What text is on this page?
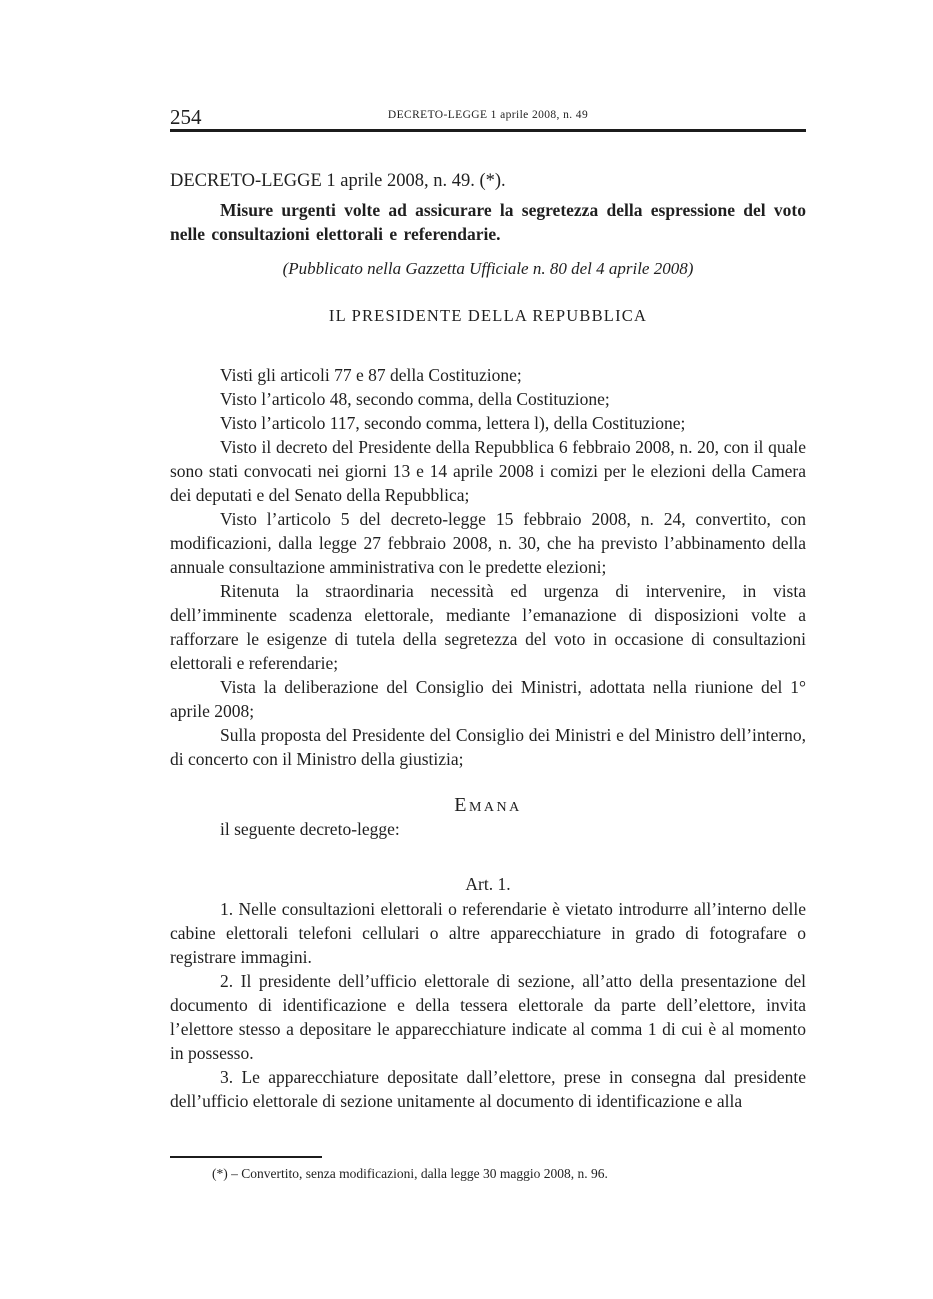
254	DECRETO-LEGGE 1 aprile 2008, n. 49
DECRETO-LEGGE 1 aprile 2008, n. 49. (*).

Misure urgenti volte ad assicurare la segretezza della espressione del voto nelle consultazioni elettorali e referendarie.

(Pubblicato nella Gazzetta Ufficiale n. 80 del 4 aprile 2008)
IL PRESIDENTE DELLA REPUBBLICA

Visti gli articoli 77 e 87 della Costituzione;

Visto l’articolo 48, secondo comma, della Costituzione;

Visto l’articolo 117, secondo comma, lettera l), della Costituzione;

Visto il decreto del Presidente della Repubblica 6 febbraio 2008, n. 20, con il quale sono stati convocati nei giorni 13 e 14 aprile 2008 i comizi per le elezioni della Camera dei deputati e del Senato della Repubblica;

Visto l’articolo 5 del decreto-legge 15 febbraio 2008, n. 24, convertito, con modificazioni, dalla legge 27 febbraio 2008, n. 30, che ha previsto l’abbinamento della annuale consultazione amministrativa con le predette elezioni;

Ritenuta la straordinaria necessità ed urgenza di intervenire, in vista dell’imminente scadenza elettorale, mediante l’emanazione di disposizioni volte a rafforzare le esigenze di tutela della segretezza del voto in occasione di consultazioni elettorali e referendarie;

Vista la deliberazione del Consiglio dei Ministri, adottata nella riunione del 1° aprile 2008;

Sulla proposta del Presidente del Consiglio dei Ministri e del Ministro dell’interno, di concerto con il Ministro della giustizia;

Emana

il seguente decreto-legge:

Art. 1.

1. Nelle consultazioni elettorali o referendarie è vietato introdurre all’interno delle cabine elettorali telefoni cellulari o altre apparecchiature in grado di fotografare o registrare immagini.

2. Il presidente dell’ufficio elettorale di sezione, all’atto della presentazione del documento di identificazione e della tessera elettorale da parte dell’elettore, invita l’elettore stesso a depositare le apparecchiature indicate al comma 1 di cui è al momento in possesso.

3. Le apparecchiature depositate dall’elettore, prese in consegna dal presidente dell’ufficio elettorale di sezione unitamente al documento di identificazione e alla

(*) – Convertito, senza modificazioni, dalla legge 30 maggio 2008, n. 96.
